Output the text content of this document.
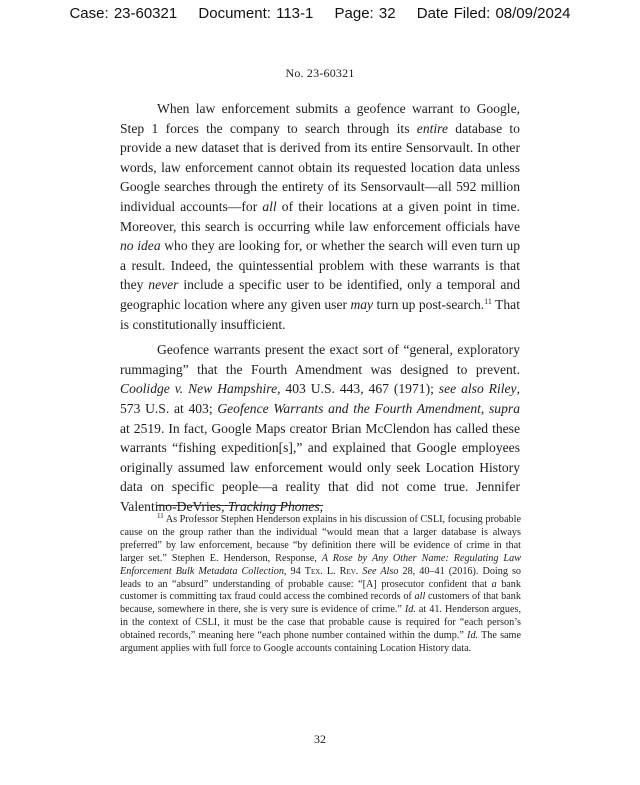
Case: 23-60321 Document: 113-1 Page: 32 Date Filed: 08/09/2024
No. 23-60321

When law enforcement submits a geofence warrant to Google, Step 1 forces the company to search through its entire database to provide a new dataset that is derived from its entire Sensorvault. In other words, law enforcement cannot obtain its requested location data unless Google searches through the entirety of its Sensorvault—all 592 million individual accounts—for all of their locations at a given point in time. Moreover, this search is occurring while law enforcement officials have no idea who they are looking for, or whether the search will even turn up a result. Indeed, the quintessential problem with these warrants is that they never include a specific user to be identified, only a temporal and geographic location where any given user may turn up post-search.$^{11}$ That is constitutionally insufficient.

Geofence warrants present the exact sort of “general, exploratory rummaging” that the Fourth Amendment was designed to prevent. Coolidge v. New Hampshire, 403 U.S. 443, 467 (1971); see also Riley, 573 U.S. at 403; Geofence Warrants and the Fourth Amendment, supra at 2519. In fact, Google Maps creator Brian McClendon has called these warrants “fishing expedition[s],” and explained that Google employees originally assumed law enforcement would only seek Location History data on specific people—a reality that did not come true. Jennifer Valentino-DeVries, Tracking Phones,

$^{11}$ As Professor Stephen Henderson explains in his discussion of CSLI, focusing probable cause on the group rather than the individual “would mean that a larger database is always preferred” by law enforcement, because “by definition there will be evidence of crime in that larger set.” Stephen E. Henderson, Response, A Rose by Any Other Name: Regulating Law Enforcement Bulk Metadata Collection, 94 Tex. L. Rev. See Also 28, 40–41 (2016). Doing so leads to an “absurd” understanding of probable cause: “[A] prosecutor confident that a bank customer is committing tax fraud could access the combined records of all customers of that bank because, somewhere in there, she is very sure is evidence of crime.” Id. at 41. Henderson argues, in the context of CSLI, it must be the case that probable cause is required for “each person’s obtained records,” meaning here “each phone number contained within the dump.” Id. The same argument applies with full force to Google accounts containing Location History data.

32
